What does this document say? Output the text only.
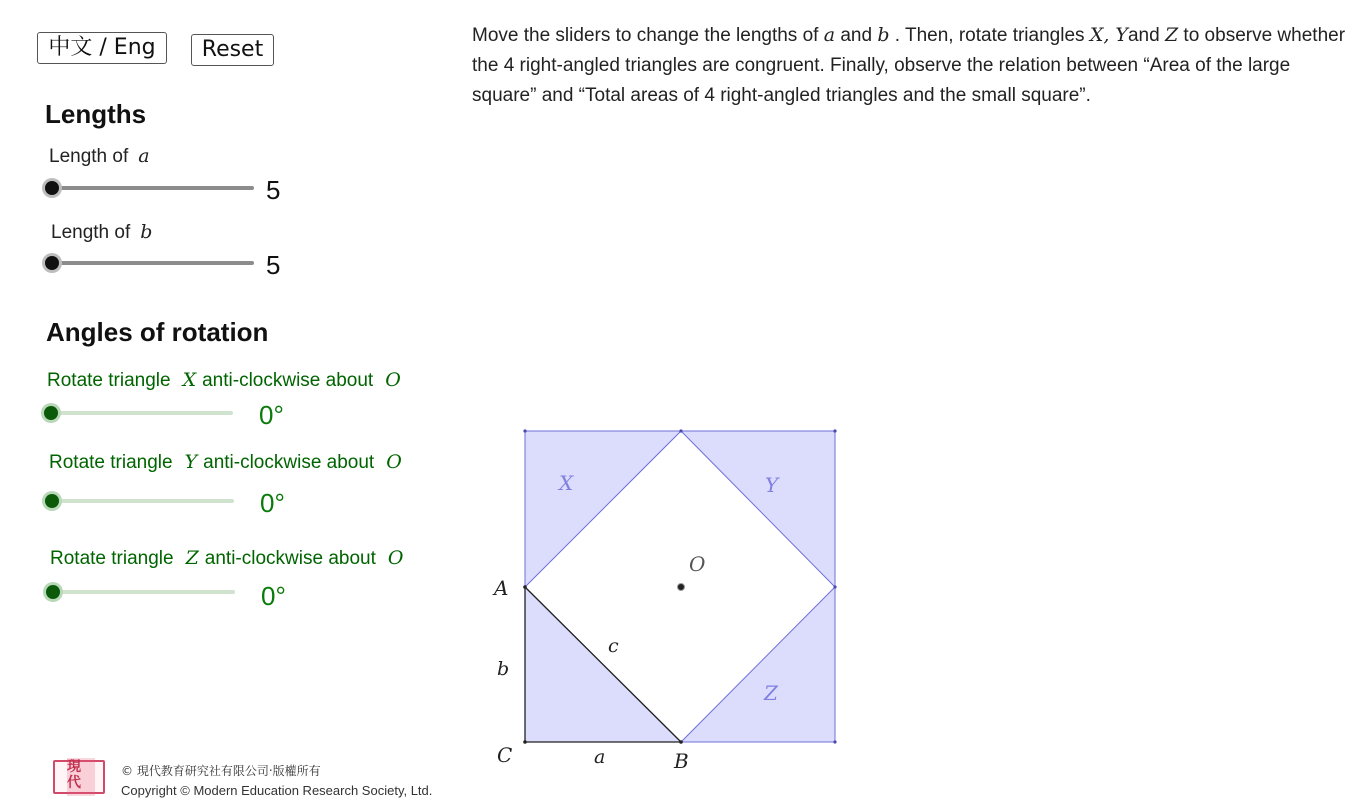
中文 / Eng	Reset
Lengths
Length of a
5
Length of b
5
Angles of rotation
Rotate triangle X anti-clockwise about O
0°
Rotate triangle Y anti-clockwise about O
0°
Rotate triangle Z anti-clockwise about O
0°
Move the sliders to change the lengths of a and b . Then, rotate triangles X, Yand Z to observe whether the 4 right-angled triangles are congruent. Finally, observe the relation between “Area of the large square” and “Total areas of 4 right-angled triangles and the small square”.
X	Y
Z
O
A
B
C	a
b
c
現代
© 現代教育研究社有限公司‧版權所有
Copyright © Modern Education Research Society, Ltd.
